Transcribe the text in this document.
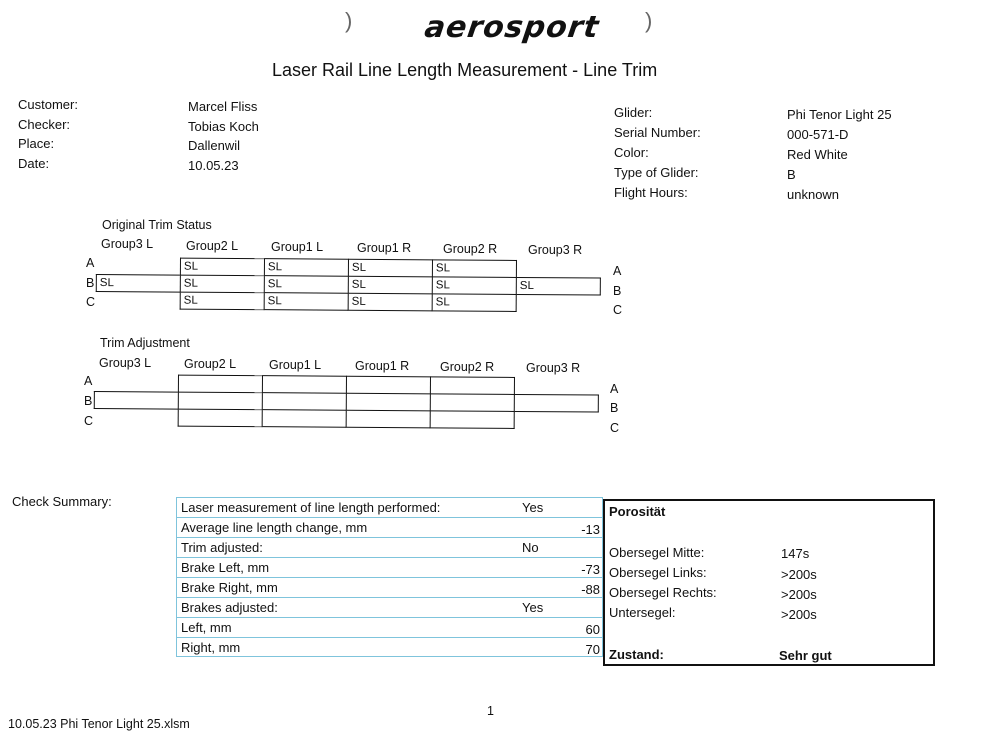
) aerosport )
Laser Rail Line Length Measurement - Line Trim
Customer:	Marcel Fliss
Checker:	Tobias Koch
Place:	Dallenwil
Date:	10.05.23
Glider:	Phi Tenor Light 25
Serial Number:	000-571-D
Color:	Red White
Type of Glider:	B
Flight Hours:	unknown
Original Trim Status
Group3 L	Group2 L	Group1 L	Group1 R	Group2 R Group3 R
A
B
C
A
B
C
	SL	SL	SL	SL	
SL	SL	SL	SL	SL	SL
	SL	SL	SL	SL	
Trim Adjustment
Group3 L	Group2 L	Group1 L	Group1 R Group2 R	Group3 R
A
B
C
A
B
C

Check Summary:	Laser measurement of line length performed:	Yes
Average line length change, mm	-13
Trim adjusted:	No
Brake Left, mm	-73
Brake Right, mm	-88
Brakes adjusted:	Yes
Left, mm	60
Right, mm	70
Porosität
Obersegel Mitte:	147s
Obersegel Links:	>200s
Obersegel Rechts:	>200s
Untersegel:	>200s
Zustand:	Sehr gut
1
10.05.23 Phi Tenor Light 25.xlsm
